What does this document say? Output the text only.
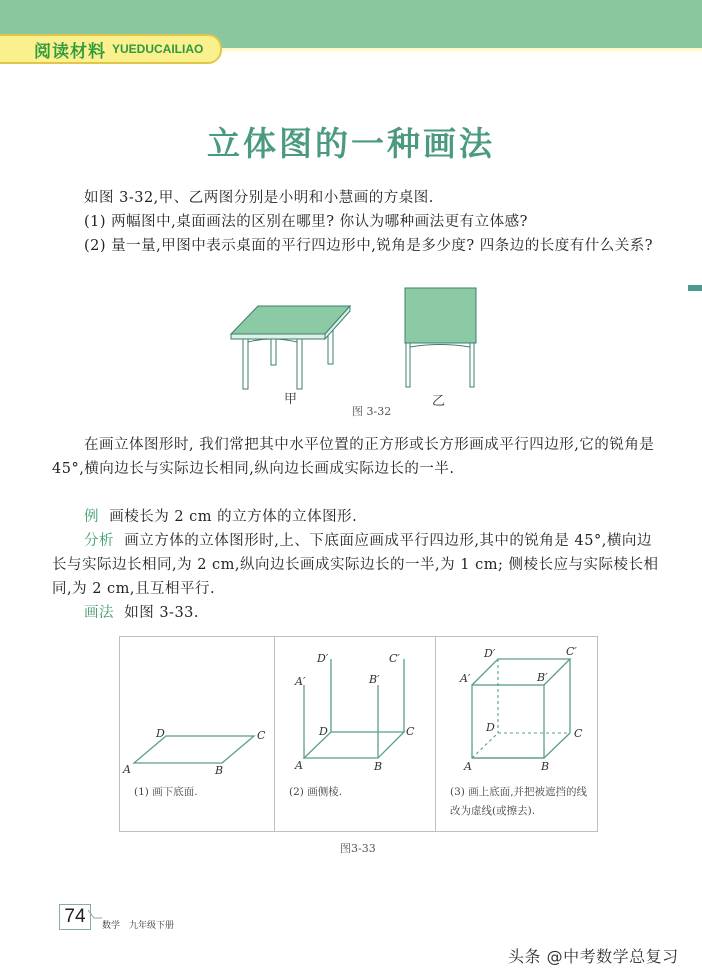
阅读材料 YUEDUCAILIAO
立体图的一种画法
如图 3-32,甲、乙两图分别是小明和小慧画的方桌图.
(1) 两幅图中,桌面画法的区别在哪里? 你认为哪种画法更有立体感?
(2) 量一量,甲图中表示桌面的平行四边形中,锐角是多少度? 四条边的长度有什么关系?
甲	乙
图 3-32
在画立体图形时, 我们常把其中水平位置的正方形或长方形画成平行四边形,它的锐角是 45°,横向边长与实际边长相同,纵向边长画成实际边长的一半.
例 画棱长为 2 cm 的立方体的立体图形.
分析 画立方体的立体图形时,上、下底面应画成平行四边形,其中的锐角是 45°,横向边长与实际边长相同,为 2 cm,纵向边长画成实际边长的一半,为 1 cm; 侧棱长应与实际棱长相同,为 2 cm,且互相平行.
画法 如图 3-33.
A	B
C
D
(1) 画下底面.
A	B
C
D
A′	B′
C′
D′
(2) 画侧棱.
A	B
C
D
A′	B′
C′
D′
(3) 画上底面,并把被遮挡的线改为虚线(或擦去).
图3-33
74	数学　九年级下册
头条 @中考数学总复习
